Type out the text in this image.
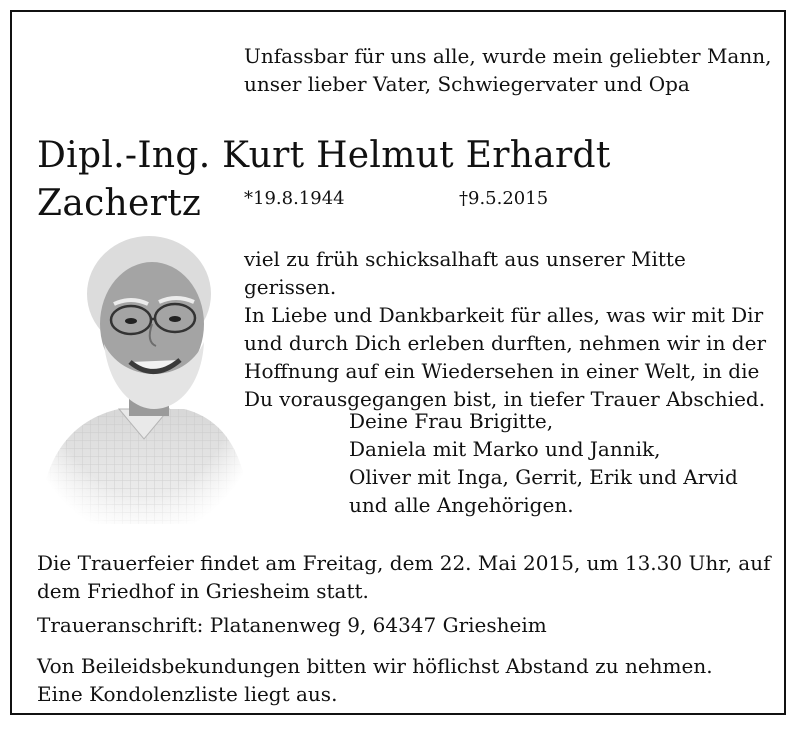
Unfassbar für uns alle, wurde mein geliebter Mann,
unser lieber Vater, Schwiegervater und Opa

Dipl.-Ing. Kurt Helmut Erhardt Zachertz	*19.8.1944	†9.5.2015

viel zu früh schicksalhaft aus unserer Mitte gerissen.
In Liebe und Dankbarkeit für alles, was wir mit Dir
und durch Dich erleben durften, nehmen wir in der
Hoffnung auf ein Wiedersehen in einer Welt, in die
Du vorausgegangen bist, in tiefer Trauer Abschied.

Deine Frau Brigitte,
Daniela mit Marko und Jannik,
Oliver mit Inga, Gerrit, Erik und Arvid
und alle Angehörigen.

Die Trauerfeier findet am Freitag, dem 22. Mai 2015, um 13.30 Uhr, auf
dem Friedhof in Griesheim statt.

Traueranschrift: Platanenweg 9, 64347 Griesheim

Von Beileidsbekundungen bitten wir höflichst Abstand zu nehmen.
Eine Kondolenzliste liegt aus.
